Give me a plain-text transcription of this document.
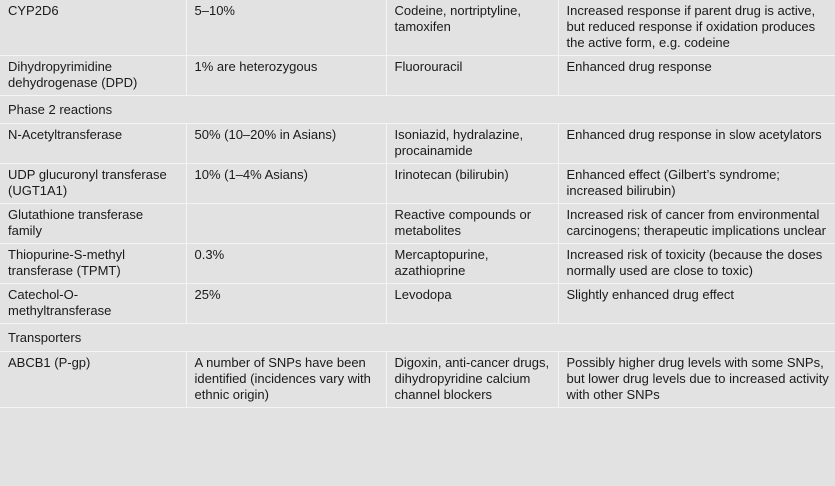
CYP2D6	5–10%	Codeine, nortriptyline, tamoxifen	Increased response if parent drug is active, but reduced response if oxidation produces the active form, e.g. codeine
Dihydropyrimidine dehydrogenase (DPD)	1% are heterozygous	Fluorouracil	Enhanced drug response
Phase 2 reactions			
N-Acetyltransferase	50% (10–20% in Asians)	Isoniazid, hydralazine, procainamide	Enhanced drug response in slow acetylators
UDP glucuronyl transferase (UGT1A1)	10% (1–4% Asians)	Irinotecan (bilirubin)	Enhanced effect (Gilbert’s syndrome; increased bilirubin)
Glutathione transferase family		Reactive compounds or metabolites	Increased risk of cancer from environmental carcinogens; therapeutic implications unclear
Thiopurine-S-methyl transferase (TPMT)	0.3%	Mercaptopurine, azathioprine	Increased risk of toxicity (because the doses normally used are close to toxic)
Catechol-O-methyltransferase	25%	Levodopa	Slightly enhanced drug effect
Transporters			
ABCB1 (P-gp)	A number of SNPs have been identified (incidences vary with ethnic origin)	Digoxin, anti-cancer drugs, dihydropyridine calcium channel blockers	Possibly higher drug levels with some SNPs, but lower drug levels due to increased activity with other SNPs
